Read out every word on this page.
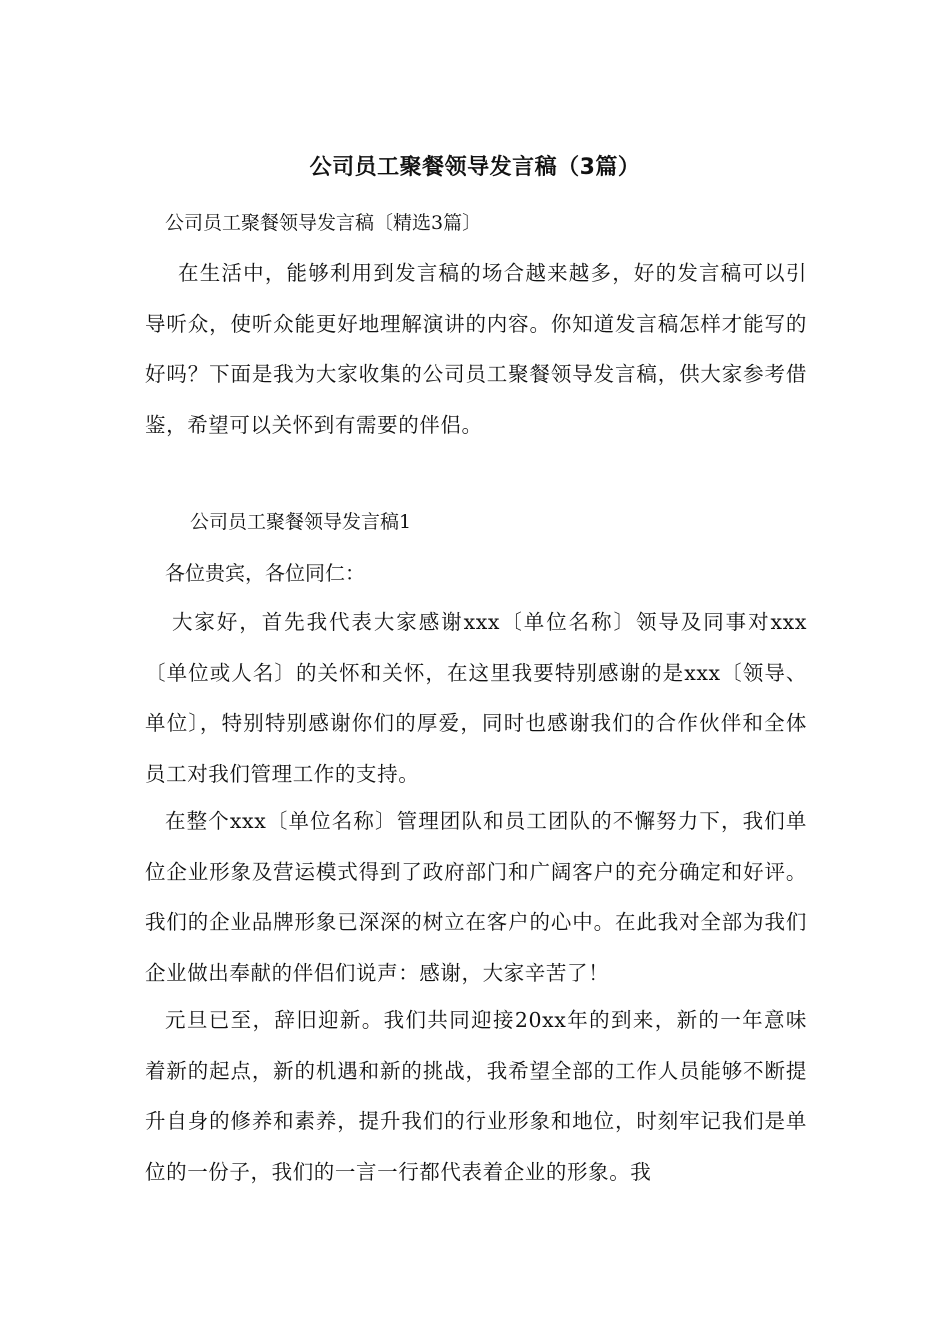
公司员工聚餐领导发言稿（3篇）
公司员工聚餐领导发言稿〔精选3篇〕

在生活中，能够利用到发言稿的场合越来越多，好的发言稿可以引导听众，使听众能更好地理解演讲的内容。你知道发言稿怎样才能写的好吗？下面是我为大家收集的公司员工聚餐领导发言稿，供大家参考借鉴，希望可以关怀到有需要的伴侣。

公司员工聚餐领导发言稿1
各位贵宾，各位同仁：

大家好，首先我代表大家感谢xxx〔单位名称〕领导及同事对xxx〔单位或人名〕的关怀和关怀，在这里我要特别感谢的是xxx〔领导、单位〕，特别特别感谢你们的厚爱，同时也感谢我们的合作伙伴和全体员工对我们管理工作的支持。

在整个xxx〔单位名称〕管理团队和员工团队的不懈努力下，我们单位企业形象及营运模式得到了政府部门和广阔客户的充分确定和好评。我们的企业品牌形象已深深的树立在客户的心中。在此我对全部为我们企业做出奉献的伴侣们说声：感谢，大家辛苦了！

元旦已至，辞旧迎新。我们共同迎接20xx年的到来，新的一年意味着新的起点，新的机遇和新的挑战，我希望全部的工作人员能够不断提升自身的修养和素养，提升我们的行业形象和地位，时刻牢记我们是单位的一份子，我们的一言一行都代表着企业的形象。我
